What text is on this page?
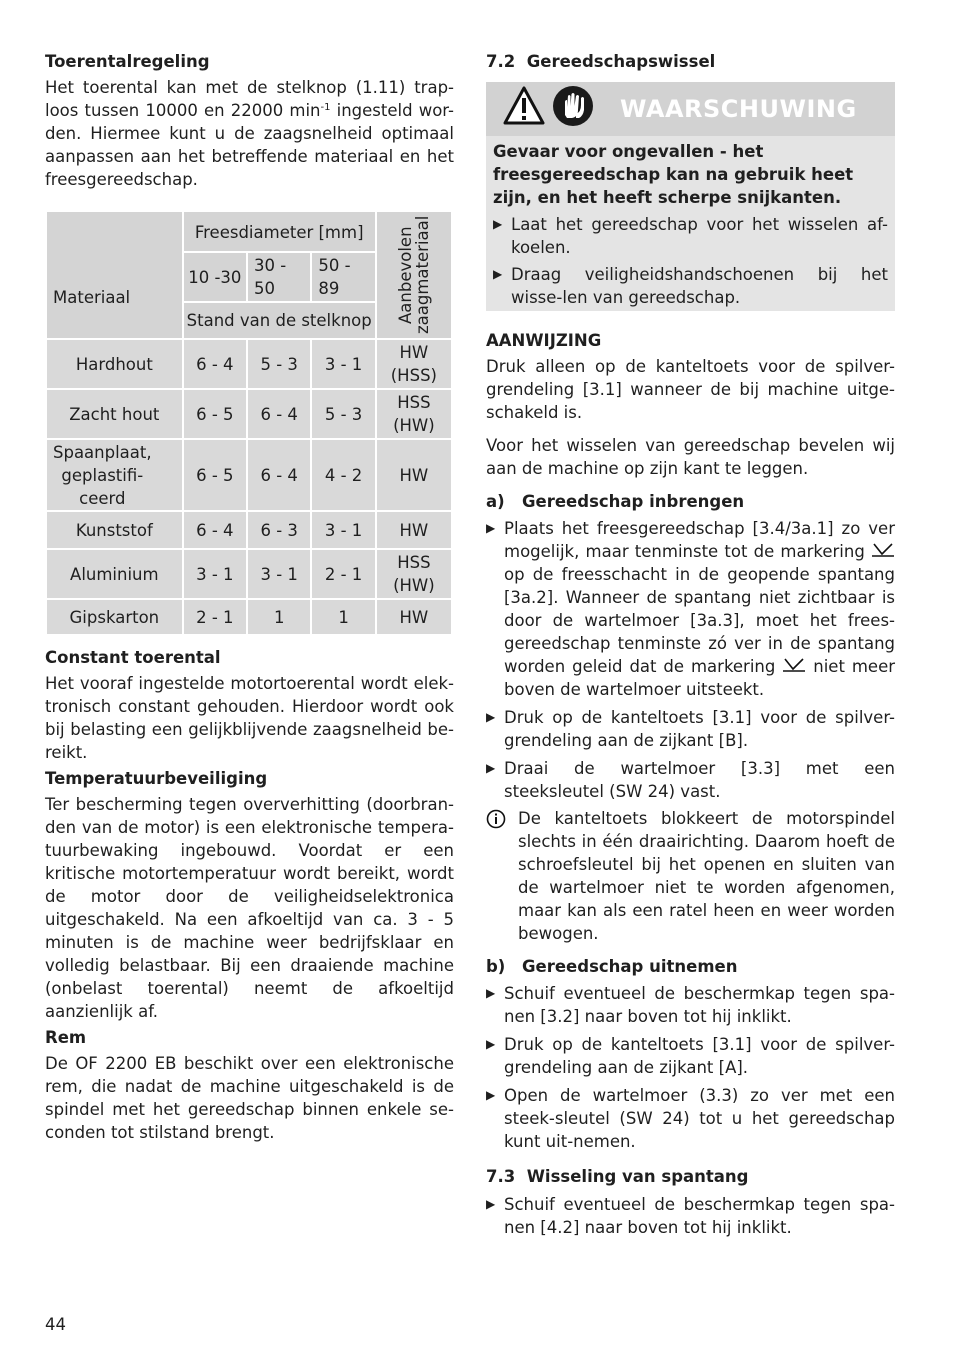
Toerentalregeling

Het toerental kan met de stelknop (1.11) trap-loos tussen 10000 en 22000 $\min^{-1}$ ingesteld wor-den. Hiermee kunt u de zaagsnelheid optimaal aanpassen aan het betreffende materiaal en het freesgereedschap.

Materiaal	Freesdiameter [mm]			Aanbevolen zaagmateriaal

	10 -30	30 - 50	50 - 89	
	Stand van de stelknop			
Hardhout	6 - 4	5 - 3	3 - 1	HW (HSS)
Zacht hout	6 - 5	6 - 4	5 - 3	HSS (HW)
Spaanplaat, geplastifi-ceerd	6 - 5	6 - 4	4 - 2	HW
Kunststof	6 - 4	6 - 3	3 - 1	HW
Aluminium	3 - 1	3 - 1	2 - 1	HSS (HW)
Gipskarton	2 - 1	1	1	HW
Constant toerental

Het vooraf ingestelde motortoerental wordt elek-tronisch constant gehouden. Hierdoor wordt ook bij belasting een gelijkblijvende zaagsnelheid be-reikt.

Temperatuurbeveiliging

Ter bescherming tegen oververhitting (doorbran-den van de motor) is een elektronische tempera-tuurbewaking ingebouwd. Voordat er een kritische motortemperatuur wordt bereikt, wordt de motor door de veiligheidselektronica uitgeschakeld. Na een afkoeltijd van ca. 3 - 5 minuten is de machine weer bedrijfsklaar en volledig belastbaar. Bij een draaiende machine (onbelast toerental) neemt de afkoeltijd aanzienlijk af.

Rem

De OF 2200 EB beschikt over een elektronische rem, die nadat de machine uitgeschakeld is de spindel met het gereedschap binnen enkele se-conden tot stilstand brengt.

7.2  Gereedschapswissel
WAARSCHUWING

Gevaar voor ongevallen - het freesgereedschap kan na gebruik heet zijn, en het heeft scherpe snijkanten.

▶ Laat het gereedschap voor het wisselen af-koelen.
▶ Draag veiligheidshandschoenen bij het wisse-len van gereedschap.
AANWIJZING

Druk alleen op de kanteltoets voor de spilver-grendeling [3.1] wanneer de bij machine uitge-schakeld is.

Voor het wisselen van gereedschap bevelen wij aan de machine op zijn kant te leggen.

a)	Gereedschap inbrengen
▶ Plaats het freesgereedschap [3.4/3a.1] zo ver mogelijk, maar tenminste tot de markering  op de freesschacht in de geopende spantang [3a.2]. Wanneer de spantang niet zichtbaar is door de wartelmoer [3a.3], moet het frees-gereedschap tenminste zó ver in de spantang worden geleid dat de markering niet meer boven de wartelmoer uitsteekt.
▶ Druk op de kanteltoets [3.1] voor de spilver-grendeling aan de zijkant [B].
▶ Draai de wartelmoer [3.3] met een steeksleutel (SW 24) vast.
De kanteltoets blokkeert de motorspindel slechts in één draairichting. Daarom hoeft de schroefsleutel bij het openen en sluiten van de wartelmoer niet te worden afgenomen, maar kan als een ratel heen en weer worden bewogen.
b)	Gereedschap uitnemen
▶ Schuif eventueel de beschermkap tegen spa-nen [3.2] naar boven tot hij inklikt.
▶ Druk op de kanteltoets [3.1] voor de spilver-grendeling aan de zijkant [A].
▶ Open de wartelmoer (3.3) zo ver met een steek-sleutel (SW 24) tot u het gereedschap kunt uit-nemen.
7.3  Wisseling van spantang
▶ Schuif eventueel de beschermkap tegen spa-nen [4.2] naar boven tot hij inklikt.
44
